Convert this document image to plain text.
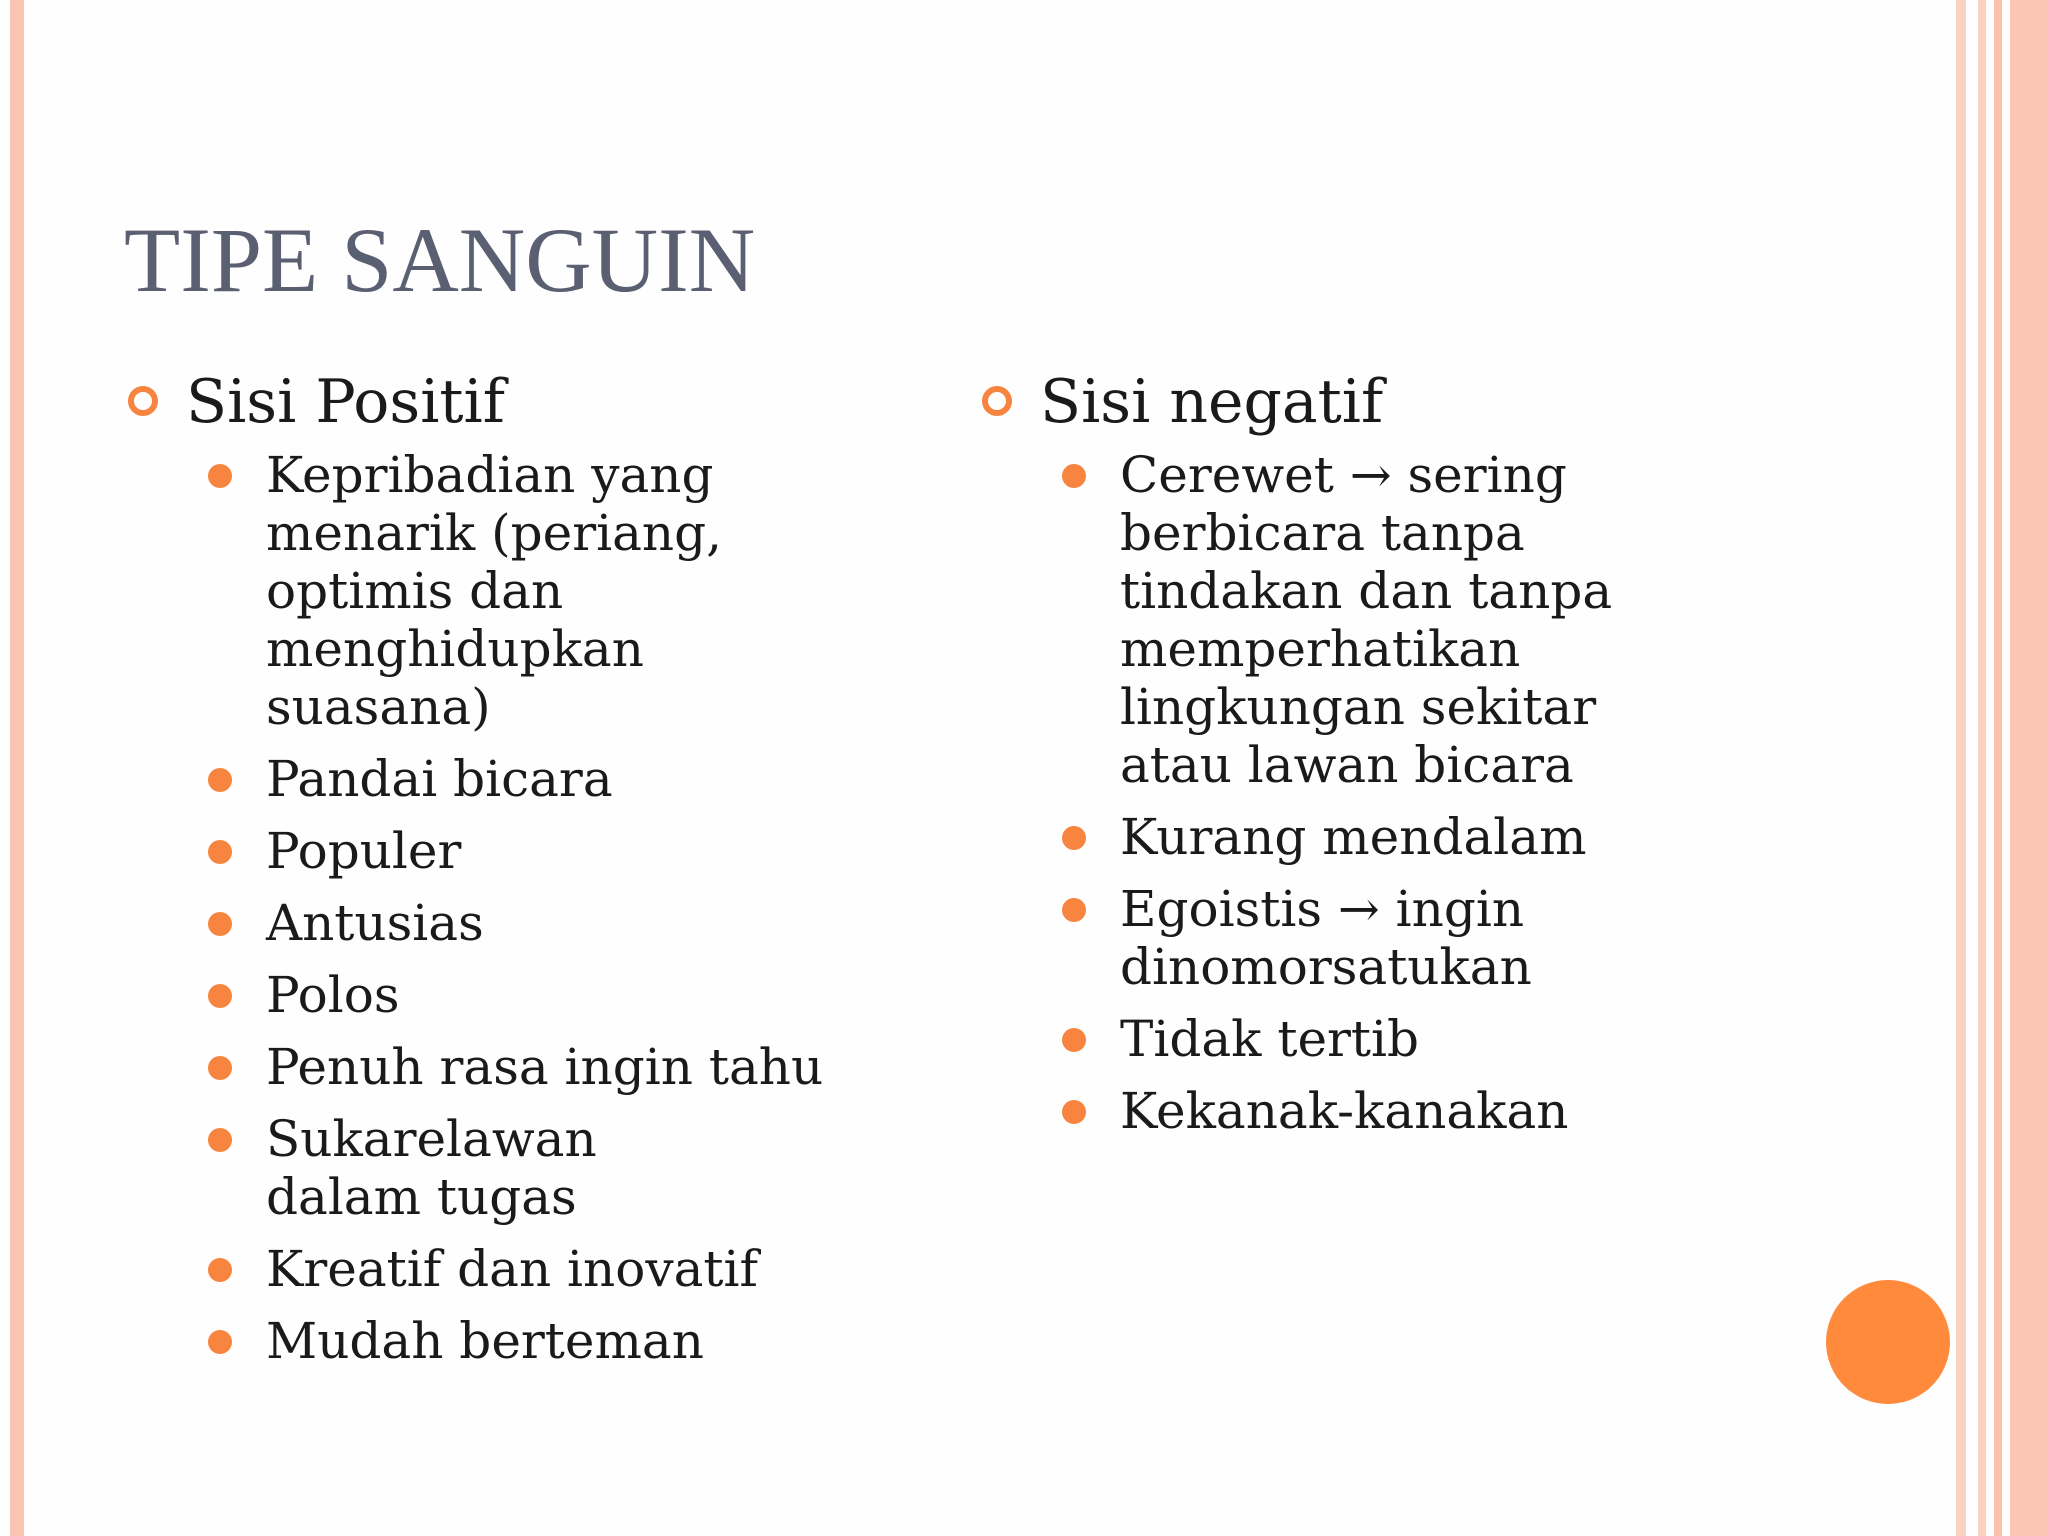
TIPE SANGUIN
Sisi Positif
Kepribadian yang menarik (periang, optimis dan menghidupkan suasana)
Pandai bicara
Populer
Antusias
Polos
Penuh rasa ingin tahu
Sukarelawan dalam tugas
Kreatif dan inovatif
Mudah berteman
Sisi negatif
Cerewet → sering berbicara tanpa tindakan dan tanpa memperhatikan lingkungan sekitar atau lawan bicara
Kurang mendalam
Egoistis → ingin dinomorsatukan
Tidak tertib
Kekanak-kanakan
